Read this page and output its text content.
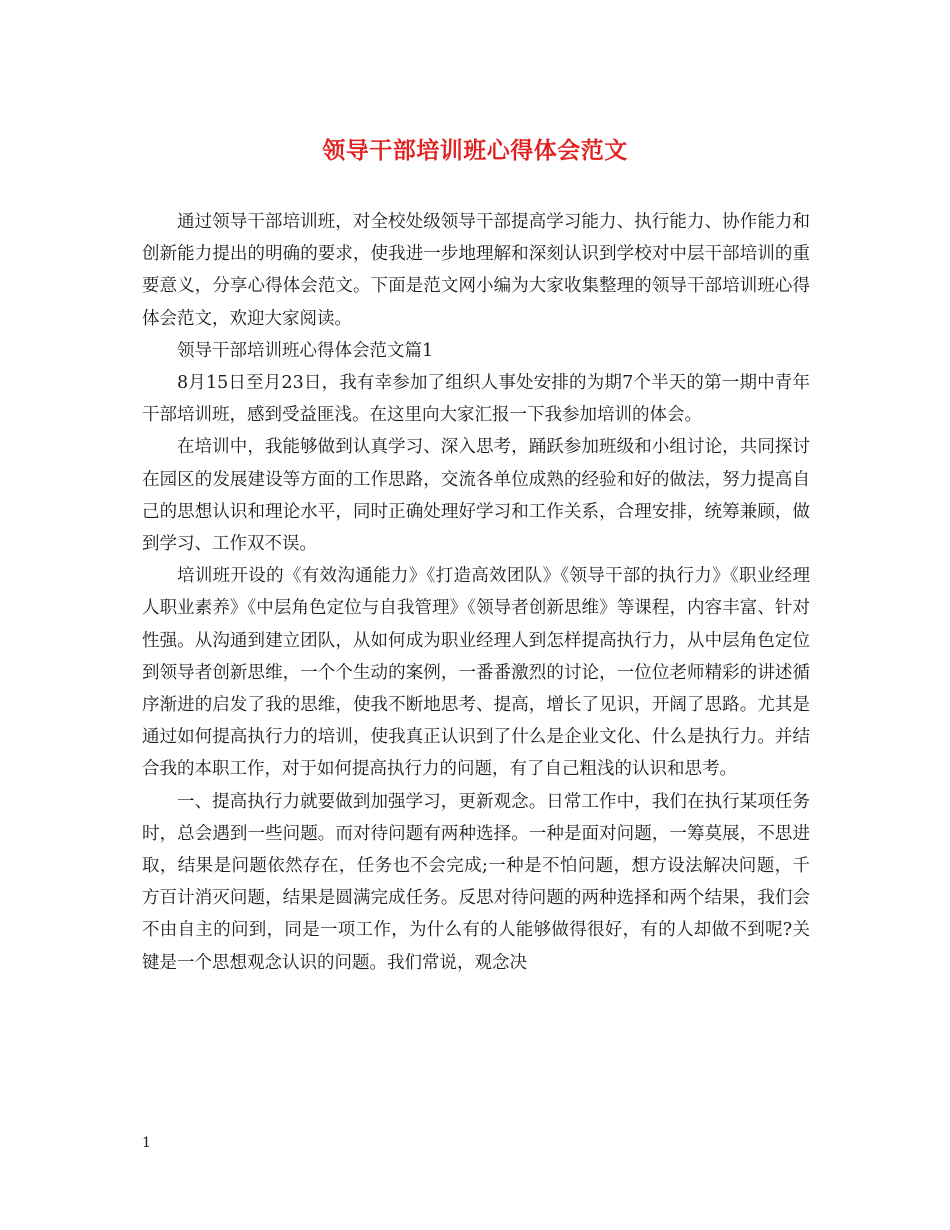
领导干部培训班心得体会范文

通过领导干部培训班，对全校处级领导干部提高学习能力、执行能力、协作能力和创新能力提出的明确的要求，使我进一步地理解和深刻认识到学校对中层干部培训的重要意义，分享心得体会范文。下面是范文网小编为大家收集整理的领导干部培训班心得体会范文，欢迎大家阅读。

领导干部培训班心得体会范文篇1

8月15日至月23日，我有幸参加了组织人事处安排的为期7个半天的第一期中青年干部培训班，感到受益匪浅。在这里向大家汇报一下我参加培训的体会。

在培训中，我能够做到认真学习、深入思考，踊跃参加班级和小组讨论，共同探讨在园区的发展建设等方面的工作思路，交流各单位成熟的经验和好的做法，努力提高自己的思想认识和理论水平，同时正确处理好学习和工作关系，合理安排，统筹兼顾，做到学习、工作双不误。

培训班开设的《有效沟通能力》《打造高效团队》《领导干部的执行力》《职业经理人职业素养》《中层角色定位与自我管理》《领导者创新思维》等课程，内容丰富、针对性强。从沟通到建立团队，从如何成为职业经理人到怎样提高执行力，从中层角色定位到领导者创新思维，一个个生动的案例，一番番激烈的讨论，一位位老师精彩的讲述循序渐进的启发了我的思维，使我不断地思考、提高，增长了见识，开阔了思路。尤其是通过如何提高执行力的培训，使我真正认识到了什么是企业文化、什么是执行力。并结合我的本职工作，对于如何提高执行力的问题，有了自己粗浅的认识和思考。

一、提高执行力就要做到加强学习，更新观念。日常工作中，我们在执行某项任务时，总会遇到一些问题。而对待问题有两种选择。一种是面对问题，一筹莫展，不思进取，结果是问题依然存在，任务也不会完成;一种是不怕问题，想方设法解决问题，千方百计消灭问题，结果是圆满完成任务。反思对待问题的两种选择和两个结果，我们会不由自主的问到，同是一项工作，为什么有的人能够做得很好，有的人却做不到呢?关键是一个思想观念认识的问题。我们常说，观念决

1
